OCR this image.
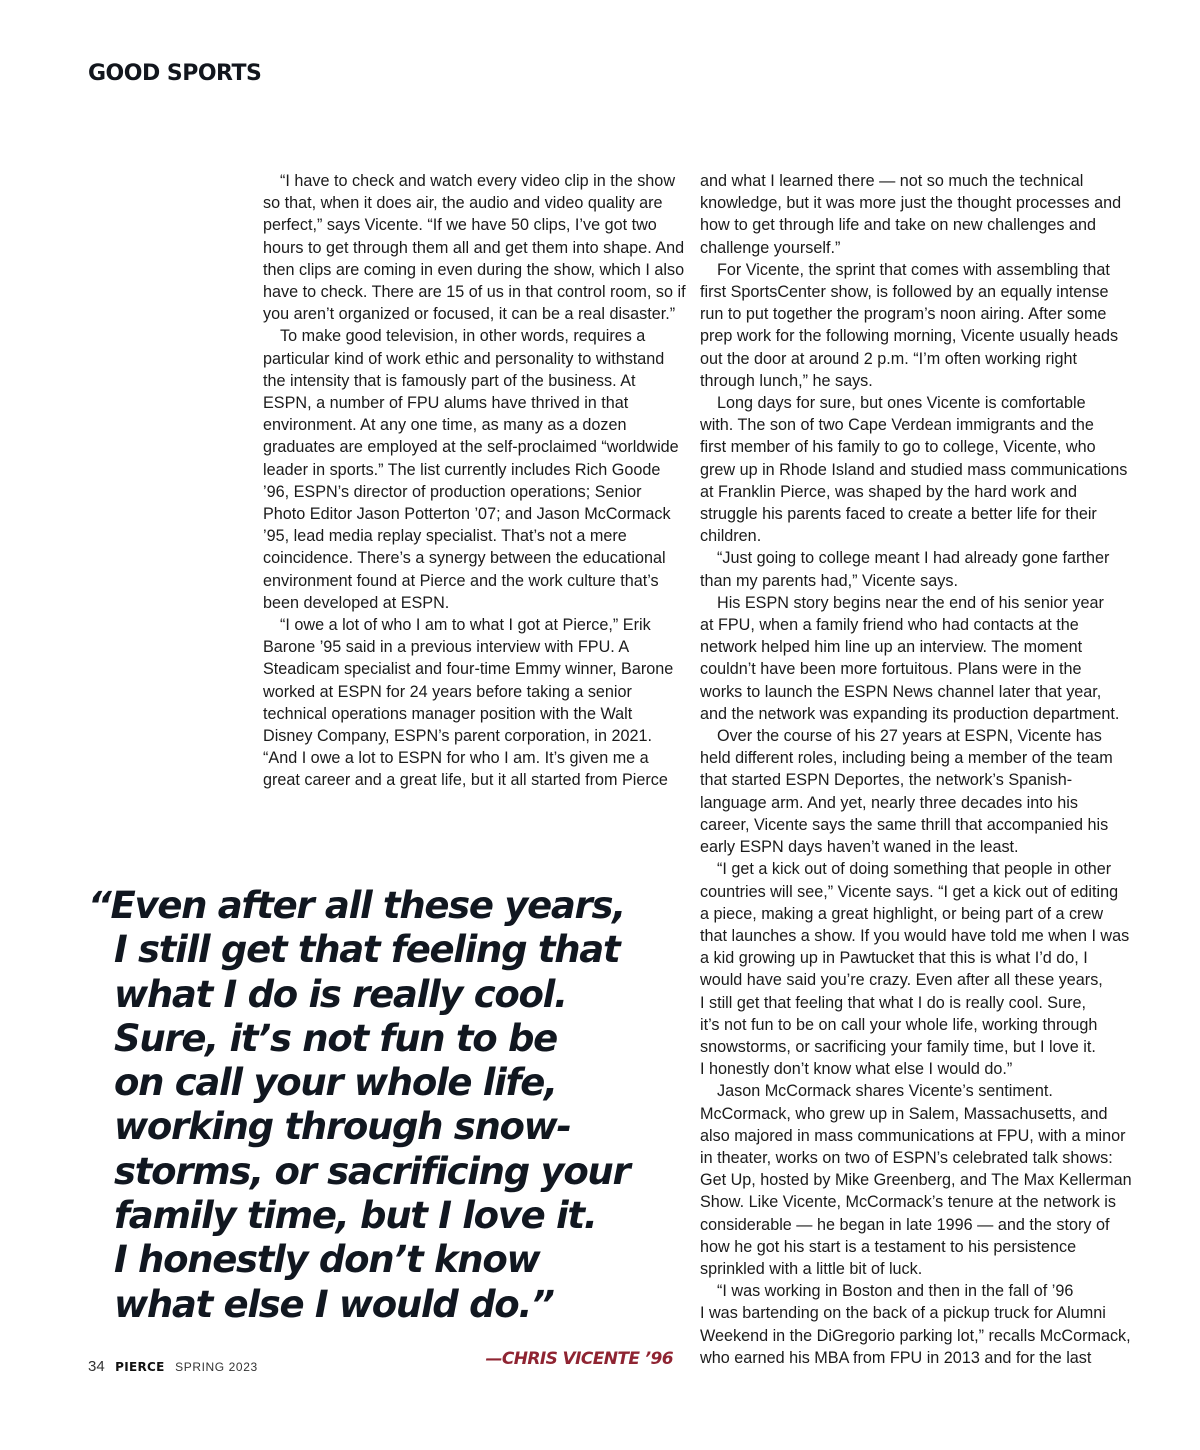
GOOD SPORTS

“I have to check and watch every video clip in the show
so that, when it does air, the audio and video quality are
perfect,” says Vicente. “If we have 50 clips, I’ve got two
hours to get through them all and get them into shape. And
then clips are coming in even during the show, which I also
have to check. There are 15 of us in that control room, so if
you aren’t organized or focused, it can be a real disaster.”

To make good television, in other words, requires a
particular kind of work ethic and personality to withstand
the intensity that is famously part of the business. At
ESPN, a number of FPU alums have thrived in that
environment. At any one time, as many as a dozen
graduates are employed at the self-proclaimed “worldwide
leader in sports.” The list currently includes Rich Goode
’96, ESPN’s director of production operations; Senior
Photo Editor Jason Potterton ’07; and Jason McCormack
’95, lead media replay specialist. That’s not a mere
coincidence. There’s a synergy between the educational
environment found at Pierce and the work culture that’s
been developed at ESPN.

“I owe a lot of who I am to what I got at Pierce,” Erik
Barone ’95 said in a previous interview with FPU. A
Steadicam specialist and four-time Emmy winner, Barone
worked at ESPN for 24 years before taking a senior
technical operations manager position with the Walt
Disney Company, ESPN’s parent corporation, in 2021.
“And I owe a lot to ESPN for who I am. It’s given me a
great career and a great life, but it all started from Pierce

and what I learned there — not so much the technical
knowledge, but it was more just the thought processes and
how to get through life and take on new challenges and
challenge yourself.”

For Vicente, the sprint that comes with assembling that
first SportsCenter show, is followed by an equally intense
run to put together the program’s noon airing. After some
prep work for the following morning, Vicente usually heads
out the door at around 2 p.m. “I’m often working right
through lunch,” he says.

Long days for sure, but ones Vicente is comfortable
with. The son of two Cape Verdean immigrants and the
first member of his family to go to college, Vicente, who
grew up in Rhode Island and studied mass communications
at Franklin Pierce, was shaped by the hard work and
struggle his parents faced to create a better life for their
children.

“Just going to college meant I had already gone farther
than my parents had,” Vicente says.

His ESPN story begins near the end of his senior year
at FPU, when a family friend who had contacts at the
network helped him line up an interview. The moment
couldn’t have been more fortuitous. Plans were in the
works to launch the ESPN News channel later that year,
and the network was expanding its production department.

Over the course of his 27 years at ESPN, Vicente has
held different roles, including being a member of the team
that started ESPN Deportes, the network’s Spanish-
language arm. And yet, nearly three decades into his
career, Vicente says the same thrill that accompanied his
early ESPN days haven’t waned in the least.

“I get a kick out of doing something that people in other
countries will see,” Vicente says. “I get a kick out of editing
a piece, making a great highlight, or being part of a crew
that launches a show. If you would have told me when I was
a kid growing up in Pawtucket that this is what I’d do, I
would have said you’re crazy. Even after all these years,
I still get that feeling that what I do is really cool. Sure,
it’s not fun to be on call your whole life, working through
snowstorms, or sacrificing your family time, but I love it.
I honestly don’t know what else I would do.”

Jason McCormack shares Vicente’s sentiment.
McCormack, who grew up in Salem, Massachusetts, and
also majored in mass communications at FPU, with a minor
in theater, works on two of ESPN’s celebrated talk shows:
Get Up, hosted by Mike Greenberg, and The Max Kellerman
Show. Like Vicente, McCormack’s tenure at the network is
considerable — he began in late 1996 — and the story of
how he got his start is a testament to his persistence
sprinkled with a little bit of luck.

“I was working in Boston and then in the fall of ’96
I was bartending on the back of a pickup truck for Alumni
Weekend in the DiGregorio parking lot,” recalls McCormack,
who earned his MBA from FPU in 2013 and for the last

“Even after all these years,
I still get that feeling that
what I do is really cool.
Sure, it’s not fun to be
on call your whole life,
working through snow-
storms, or sacrificing your
family time, but I love it.
I honestly don’t know
what else I would do.”
—CHRIS VICENTE ’96
34 PIERCE SPRING 2023
